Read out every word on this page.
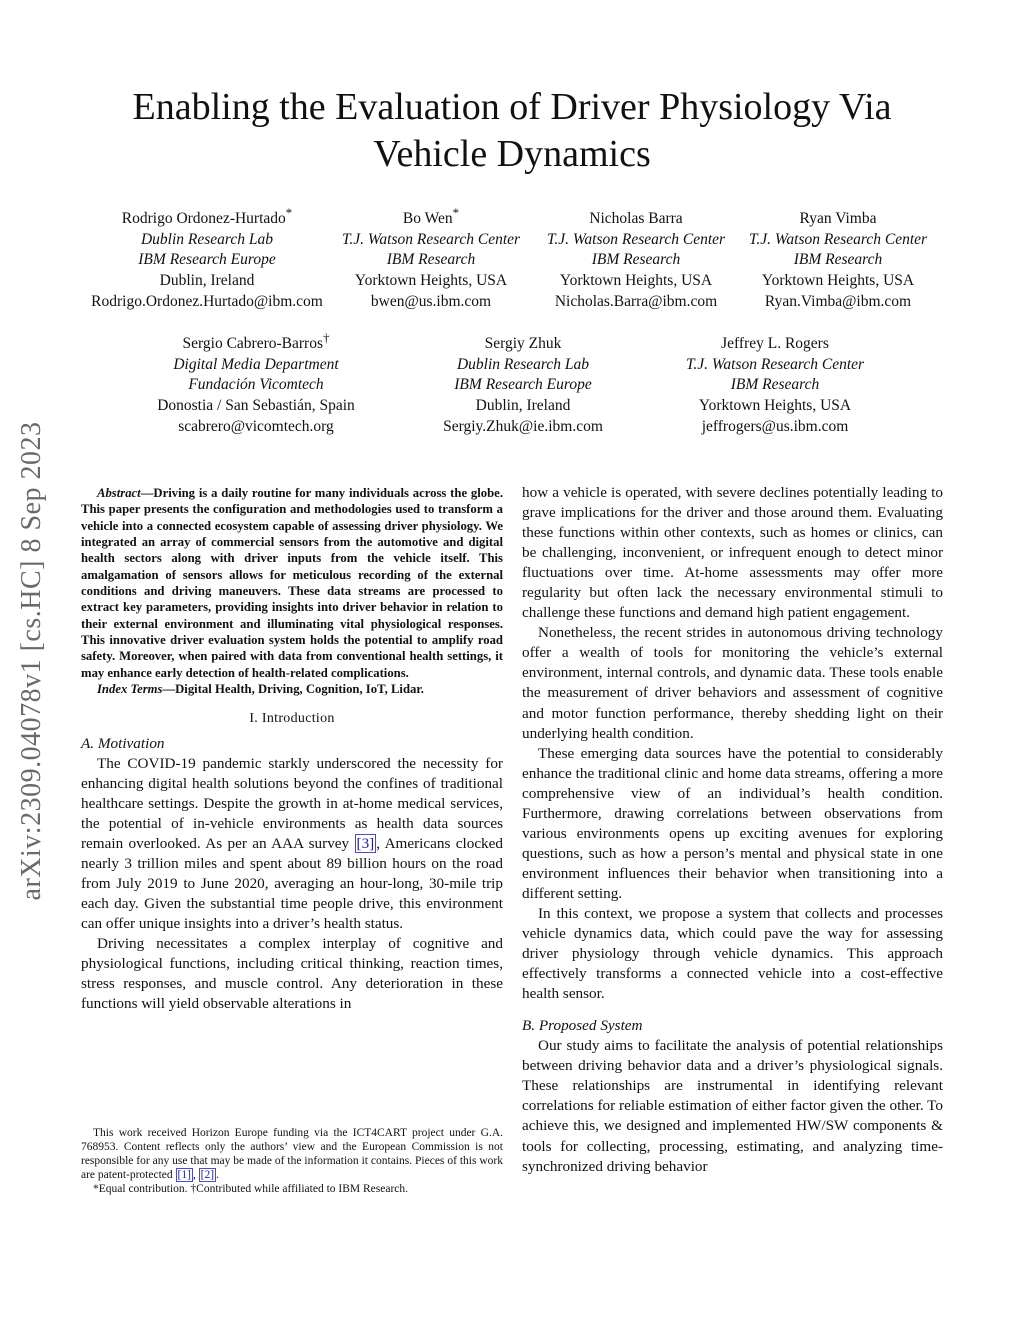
arXiv:2309.04078v1 [cs.HC] 8 Sep 2023
Enabling the Evaluation of Driver Physiology Via
Vehicle Dynamics
Rodrigo Ordonez-Hurtado*
Dublin Research Lab
IBM Research Europe
Dublin, Ireland
Rodrigo.Ordonez.Hurtado@ibm.com
Bo Wen*
T.J. Watson Research Center
IBM Research
Yorktown Heights, USA
bwen@us.ibm.com
Nicholas Barra
T.J. Watson Research Center
IBM Research
Yorktown Heights, USA
Nicholas.Barra@ibm.com
Ryan Vimba
T.J. Watson Research Center
IBM Research
Yorktown Heights, USA
Ryan.Vimba@ibm.com
Sergio Cabrero-Barros†
Digital Media Department
Fundación Vicomtech
Donostia / San Sebastián, Spain
scabrero@vicomtech.org
Sergiy Zhuk
Dublin Research Lab
IBM Research Europe
Dublin, Ireland
Sergiy.Zhuk@ie.ibm.com
Jeffrey L. Rogers
T.J. Watson Research Center
IBM Research
Yorktown Heights, USA
jeffrogers@us.ibm.com

Abstract—Driving is a daily routine for many individuals across the globe. This paper presents the configuration and methodologies used to transform a vehicle into a connected ecosystem capable of assessing driver physiology. We integrated an array of commercial sensors from the automotive and digital health sectors along with driver inputs from the vehicle itself. This amalgamation of sensors allows for meticulous recording of the external conditions and driving maneuvers. These data streams are processed to extract key parameters, providing insights into driver behavior in relation to their external environment and illuminating vital physiological responses. This innovative driver evaluation system holds the potential to amplify road safety. Moreover, when paired with data from conventional health settings, it may enhance early detection of health-related complications.

Index Terms—Digital Health, Driving, Cognition, IoT, Lidar.

I. Introduction

A. Motivation

The COVID-19 pandemic starkly underscored the necessity for enhancing digital health solutions beyond the confines of traditional healthcare settings. Despite the growth in at-home medical services, the potential of in-vehicle environments as health data sources remain overlooked. As per an AAA survey [3] , Americans clocked nearly 3 trillion miles and spent about 89 billion hours on the road from July 2019 to June 2020, averaging an hour-long, 30-mile trip each day. Given the substantial time people drive, this environment can offer unique insights into a driver’s health status.

Driving necessitates a complex interplay of cognitive and physiological functions, including critical thinking, reaction times, stress responses, and muscle control. Any deterioration in these functions will yield observable alterations in

This work received Horizon Europe funding via the ICT4CART project under G.A. 768953. Content reflects only the authors’ view and the European Commission is not responsible for any use that may be made of the information it contains. Pieces of this work are patent-protected [1] , [2] .

*Equal contribution. †Contributed while affiliated to IBM Research.

how a vehicle is operated, with severe declines potentially leading to grave implications for the driver and those around them. Evaluating these functions within other contexts, such as homes or clinics, can be challenging, inconvenient, or infrequent enough to detect minor fluctuations over time. At-home assessments may offer more regularity but often lack the necessary environmental stimuli to challenge these functions and demand high patient engagement.

Nonetheless, the recent strides in autonomous driving technology offer a wealth of tools for monitoring the vehicle’s external environment, internal controls, and dynamic data. These tools enable the measurement of driver behaviors and assessment of cognitive and motor function performance, thereby shedding light on their underlying health condition.

These emerging data sources have the potential to considerably enhance the traditional clinic and home data streams, offering a more comprehensive view of an individual’s health condition. Furthermore, drawing correlations between observations from various environments opens up exciting avenues for exploring questions, such as how a person’s mental and physical state in one environment influences their behavior when transitioning into a different setting.

In this context, we propose a system that collects and processes vehicle dynamics data, which could pave the way for assessing driver physiology through vehicle dynamics. This approach effectively transforms a connected vehicle into a cost-effective health sensor.

B. Proposed System

Our study aims to facilitate the analysis of potential relationships between driving behavior data and a driver’s physiological signals. These relationships are instrumental in identifying relevant correlations for reliable estimation of either factor given the other. To achieve this, we designed and implemented HW/SW components & tools for collecting, processing, estimating, and analyzing time-synchronized driving behavior
